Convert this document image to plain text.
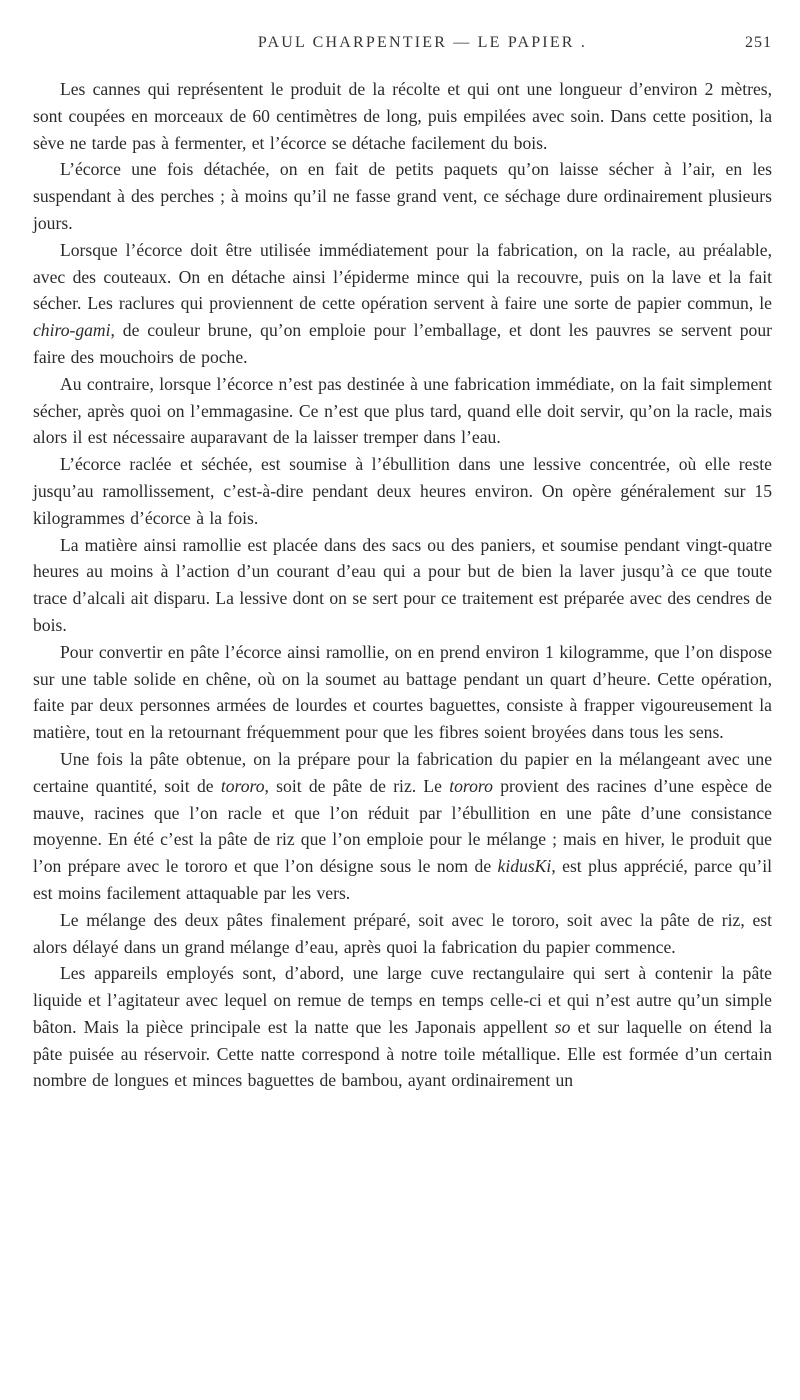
PAUL CHARPENTIER — LE PAPIER .	251

Les cannes qui représentent le produit de la récolte et qui ont une longueur d’environ 2 mètres, sont coupées en morceaux de 60 centimètres de long, puis empilées avec soin. Dans cette position, la sève ne tarde pas à fermenter, et l’écorce se détache facilement du bois.

L’écorce une fois détachée, on en fait de petits paquets qu’on laisse sécher à l’air, en les suspendant à des perches ; à moins qu’il ne fasse grand vent, ce séchage dure ordinairement plusieurs jours.

Lorsque l’écorce doit être utilisée immédiatement pour la fabrication, on la racle, au préalable, avec des couteaux. On en détache ainsi l’épiderme mince qui la recouvre, puis on la lave et la fait sécher. Les raclures qui proviennent de cette opération servent à faire une sorte de papier commun, le chiro-gami, de couleur brune, qu’on emploie pour l’emballage, et dont les pauvres se servent pour faire des mouchoirs de poche.

Au contraire, lorsque l’écorce n’est pas destinée à une fabrication immédiate, on la fait simplement sécher, après quoi on l’emmagasine. Ce n’est que plus tard, quand elle doit servir, qu’on la racle, mais alors il est nécessaire auparavant de la laisser tremper dans l’eau.

L’écorce raclée et séchée, est soumise à l’ébullition dans une lessive concentrée, où elle reste jusqu’au ramollissement, c’est-à-dire pendant deux heures environ. On opère généralement sur 15 kilogrammes d’écorce à la fois.

La matière ainsi ramollie est placée dans des sacs ou des paniers, et soumise pendant vingt-quatre heures au moins à l’action d’un courant d’eau qui a pour but de bien la laver jusqu’à ce que toute trace d’alcali ait disparu. La lessive dont on se sert pour ce traitement est préparée avec des cendres de bois.

Pour convertir en pâte l’écorce ainsi ramollie, on en prend environ 1 kilogramme, que l’on dispose sur une table solide en chêne, où on la soumet au battage pendant un quart d’heure. Cette opération, faite par deux personnes armées de lourdes et courtes baguettes, consiste à frapper vigoureusement la matière, tout en la retournant fréquemment pour que les fibres soient broyées dans tous les sens.

Une fois la pâte obtenue, on la prépare pour la fabrication du papier en la mélangeant avec une certaine quantité, soit de tororo, soit de pâte de riz. Le tororo provient des racines d’une espèce de mauve, racines que l’on racle et que l’on réduit par l’ébullition en une pâte d’une consistance moyenne. En été c’est la pâte de riz que l’on emploie pour le mélange ; mais en hiver, le produit que l’on prépare avec le tororo et que l’on désigne sous le nom de kidusKi, est plus apprécié, parce qu’il est moins facilement attaquable par les vers.

Le mélange des deux pâtes finalement préparé, soit avec le tororo, soit avec la pâte de riz, est alors délayé dans un grand mélange d’eau, après quoi la fabrication du papier commence.

Les appareils employés sont, d’abord, une large cuve rectangulaire qui sert à contenir la pâte liquide et l’agitateur avec lequel on remue de temps en temps celle-ci et qui n’est autre qu’un simple bâton. Mais la pièce principale est la natte que les Japonais appellent so et sur laquelle on étend la pâte puisée au réservoir. Cette natte correspond à notre toile métallique. Elle est formée d’un certain nombre de longues et minces baguettes de bambou, ayant ordinairement un
